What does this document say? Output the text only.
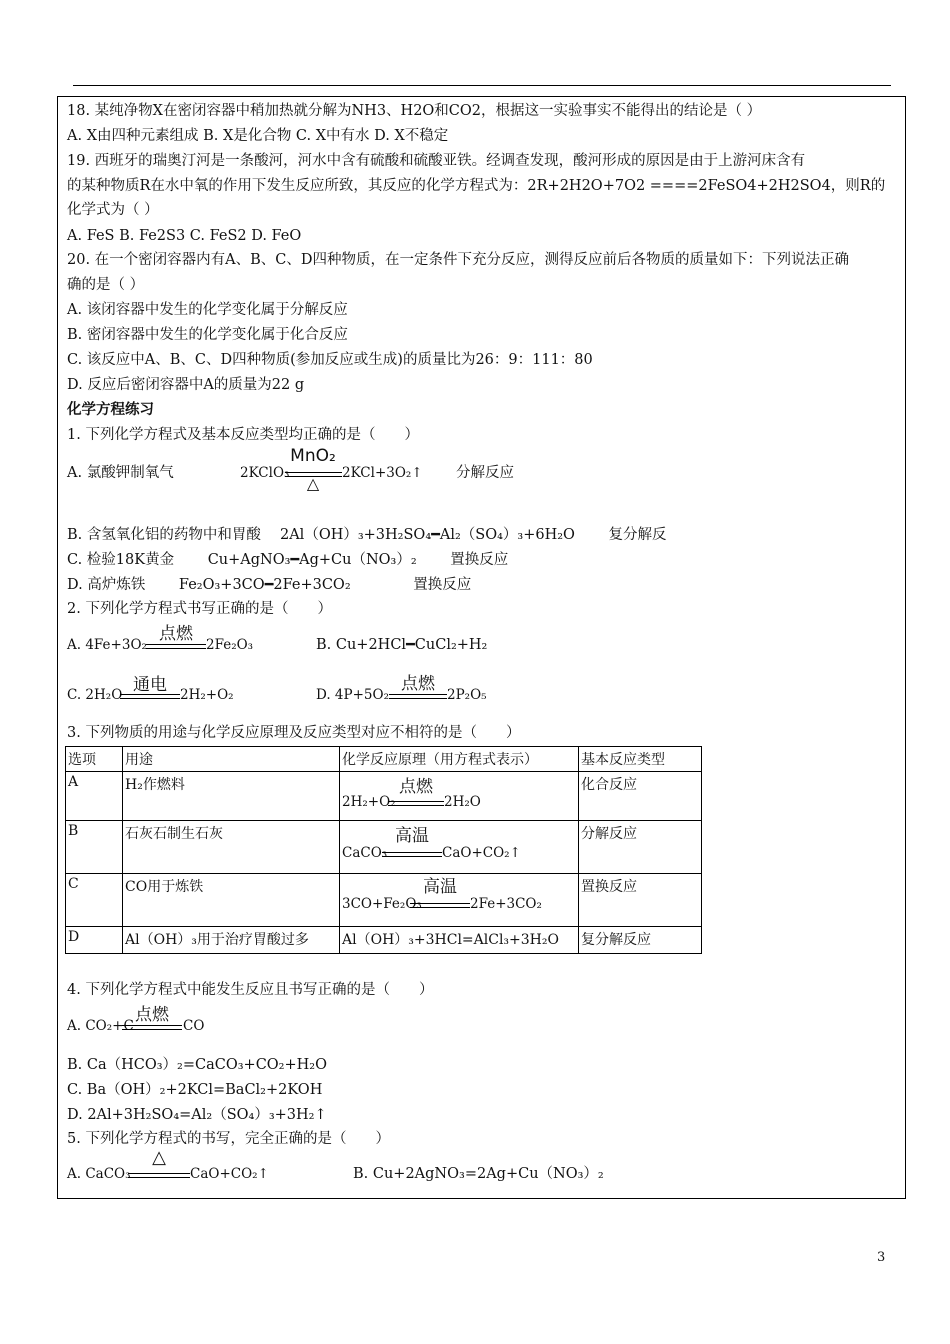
18. 某纯净物X在密闭容器中稍加热就分解为NH3、H2O和CO2，根据这一实验事实不能得出的结论是（ ）
A. X由四种元素组成 B. X是化合物 C. X中有水 D. X不稳定
19. 西班牙的瑞奥汀河是一条酸河，河水中含有硫酸和硫酸亚铁。经调查发现，酸河形成的原因是由于上游河床含有
的某种物质R在水中氧的作用下发生反应所致，其反应的化学方程式为：2R+2H2O+7O2 ====2FeSO4+2H2SO4，则R的
化学式为（ ）
A. FeS B. Fe2S3 C. FeS2 D. FeO
20. 在一个密闭容器内有A、B、C、D四种物质，在一定条件下充分反应，测得反应前后各物质的质量如下：下列说法正确
确的是（ ）
A. 该闭容器中发生的化学变化属于分解反应
B. 密闭容器中发生的化学变化属于化合反应
C. 该反应中A、B、C、D四种物质(参加反应或生成)的质量比为26：9：111：80
D. 反应后密闭容器中A的质量为22 g
化学方程练习
1. 下列化学方程式及基本反应类型均正确的是（　　）
A. 氯酸钾制氧气	2KClO₃
MnO₂
△
2KCl+3O₂↑ 分解反应
B. 含氢氧化铝的药物中和胃酸　 2Al（OH）₃+3H₂SO₄━Al₂（SO₄）₃+6H₂O　　 复分解反
C. 检验18K黄金　　 Cu+AgNO₃━Ag+Cu（NO₃）₂　　 置换反应
D. 高炉炼铁　　 Fe₂O₃+3CO━2Fe+3CO₂　　　　 置换反应
2. 下列化学方程式书写正确的是（　　）
A. 4Fe+3O₂
点燃
2Fe₂O₃	B. Cu+2HCl━CuCl₂+H₂
C. 2H₂O 通电 2H₂+O₂	D. 4P+5O₂
点燃
2P₂O₅
3. 下列物质的用途与化学反应原理及反应类型对应不相符的是（　　）
选项	用途	化学反应原理（用方程式表示）	基本反应类型
A	H₂作燃料	2H₂+O₂
点燃
2H₂O	化合反应
B	石灰石制生石灰	CaCO₃
高温
CaO+CO₂↑	分解反应
C	CO用于炼铁	3CO+Fe₂O₃
高温
2Fe+3CO₂	置换反应
D	Al（OH）₃用于治疗胃酸过多	Al（OH）₃+3HCl=AlCl₃+3H₂O	复分解反应
4. 下列化学方程式中能发生反应且书写正确的是（　　）
A. CO₂+C
点燃
CO
B. Ca（HCO₃）₂=CaCO₃+CO₂+H₂O
C. Ba（OH）₂+2KCl=BaCl₂+2KOH
D. 2Al+3H₂SO₄=Al₂（SO₄）₃+3H₂↑
5. 下列化学方程式的书写，完全正确的是（　　）
A. CaCO₃
△
CaO+CO₂↑	B. Cu+2AgNO₃=2Ag+Cu（NO₃）₂
3
